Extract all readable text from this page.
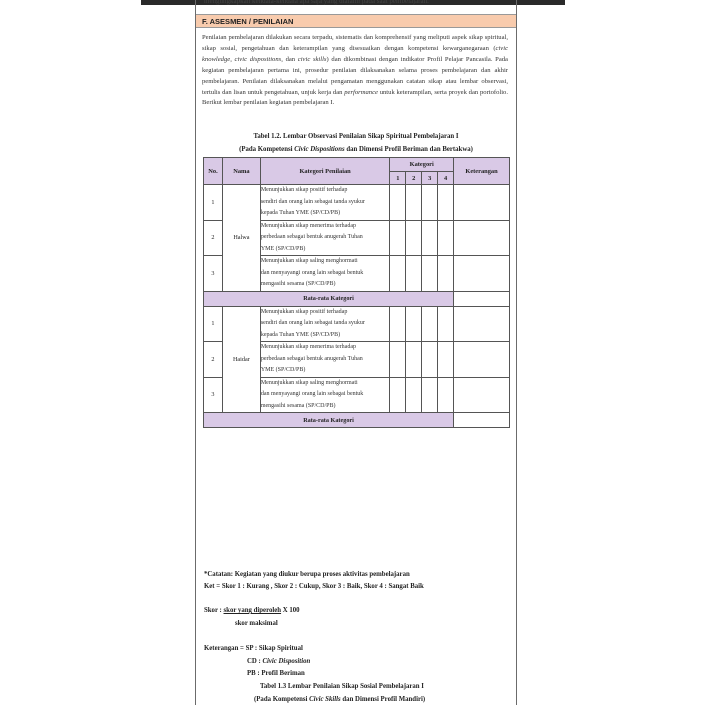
mengungkapkan kendala-kendala apa saja yang dialami pada saat pembelajaran.
F. ASESMEN / PENILAIAN
Penilaian pembelajaran dilakukan secara terpadu, sistematis dan komprehensif yang meliputi aspek sikap spiritual, sikap sosial, pengetahuan dan keterampilan yang disesuaikan dengan kompetensi kewarganegaraan (civic knowledge, civic dispositions, dan civic skills) dan dikombinasi dengan indikator Profil Pelajar Pancasila. Pada kegiatan pembelajaran pertama ini, prosedur penilaian dilaksanakan selama proses pembelajaran dan akhir pembelajaran. Penilaian dilaksanakan melalui pengamatan menggunakan catatan sikap atau lembar observasi, tertulis dan lisan untuk pengetahuan, unjuk kerja dan performance untuk keterampilan, serta proyek dan portofolio. Berikut lembar penilaian kegiatan pembelajaran I.
Tabel 1.2. Lembar Observasi Penilaian Sikap Spiritual Pembelajaran I
(Pada Kompetensi Civic Dispositions dan Dimensi Profil Beriman dan Bertakwa)
No.	Nama	Kategori Penilaian	Kategori				Keterangan
			1	2	3	4	
1	Halwa	Menunjukkan sikap positif terhadap
sendiri dan orang lain sebagai tanda syukur
kepada Tuhan YME (SP/CD/PB)					

2		Menunjukkan sikap menerima terhadap
perbedaan sebagai bentuk anugerah Tuhan
YME (SP/CD/PB)					

3		Menunjukkan sikap saling menghormati
dan menyayangi orang lain sebagai bentuk
mengasihi sesama (SP/CD/PB)					

Rata-rata Kategori							
1	Haidar	Menunjukkan sikap positif terhadap
sendiri dan orang lain sebagai tanda syukur
kepada Tuhan YME (SP/CD/PB)					

2		Menunjukkan sikap menerima terhadap
perbedaan sebagai bentuk anugerah Tuhan
YME (SP/CD/PB)					

3		Menunjukkan sikap saling menghormati
dan menyayangi orang lain sebagai bentuk
mengasihi sesama (SP/CD/PB)					

Rata-rata Kategori							
*Catatan: Kegiatan yang diukur berupa proses aktivitas pembelajaran
Ket = Skor 1 : Kurang , Skor 2 : Cukup, Skor 3 : Baik, Skor 4 : Sangat Baik
Skor : skor yang diperoleh X 100
skor maksimal
Keterangan = SP : Sikap Spiritual
CD : Civic Disposition
PB : Profil Beriman
Tabel 1.3 Lembar Penilaian Sikap Sosial Pembelajaran I
(Pada Kompetensi Civic Skills dan Dimensi Profil Mandiri)
